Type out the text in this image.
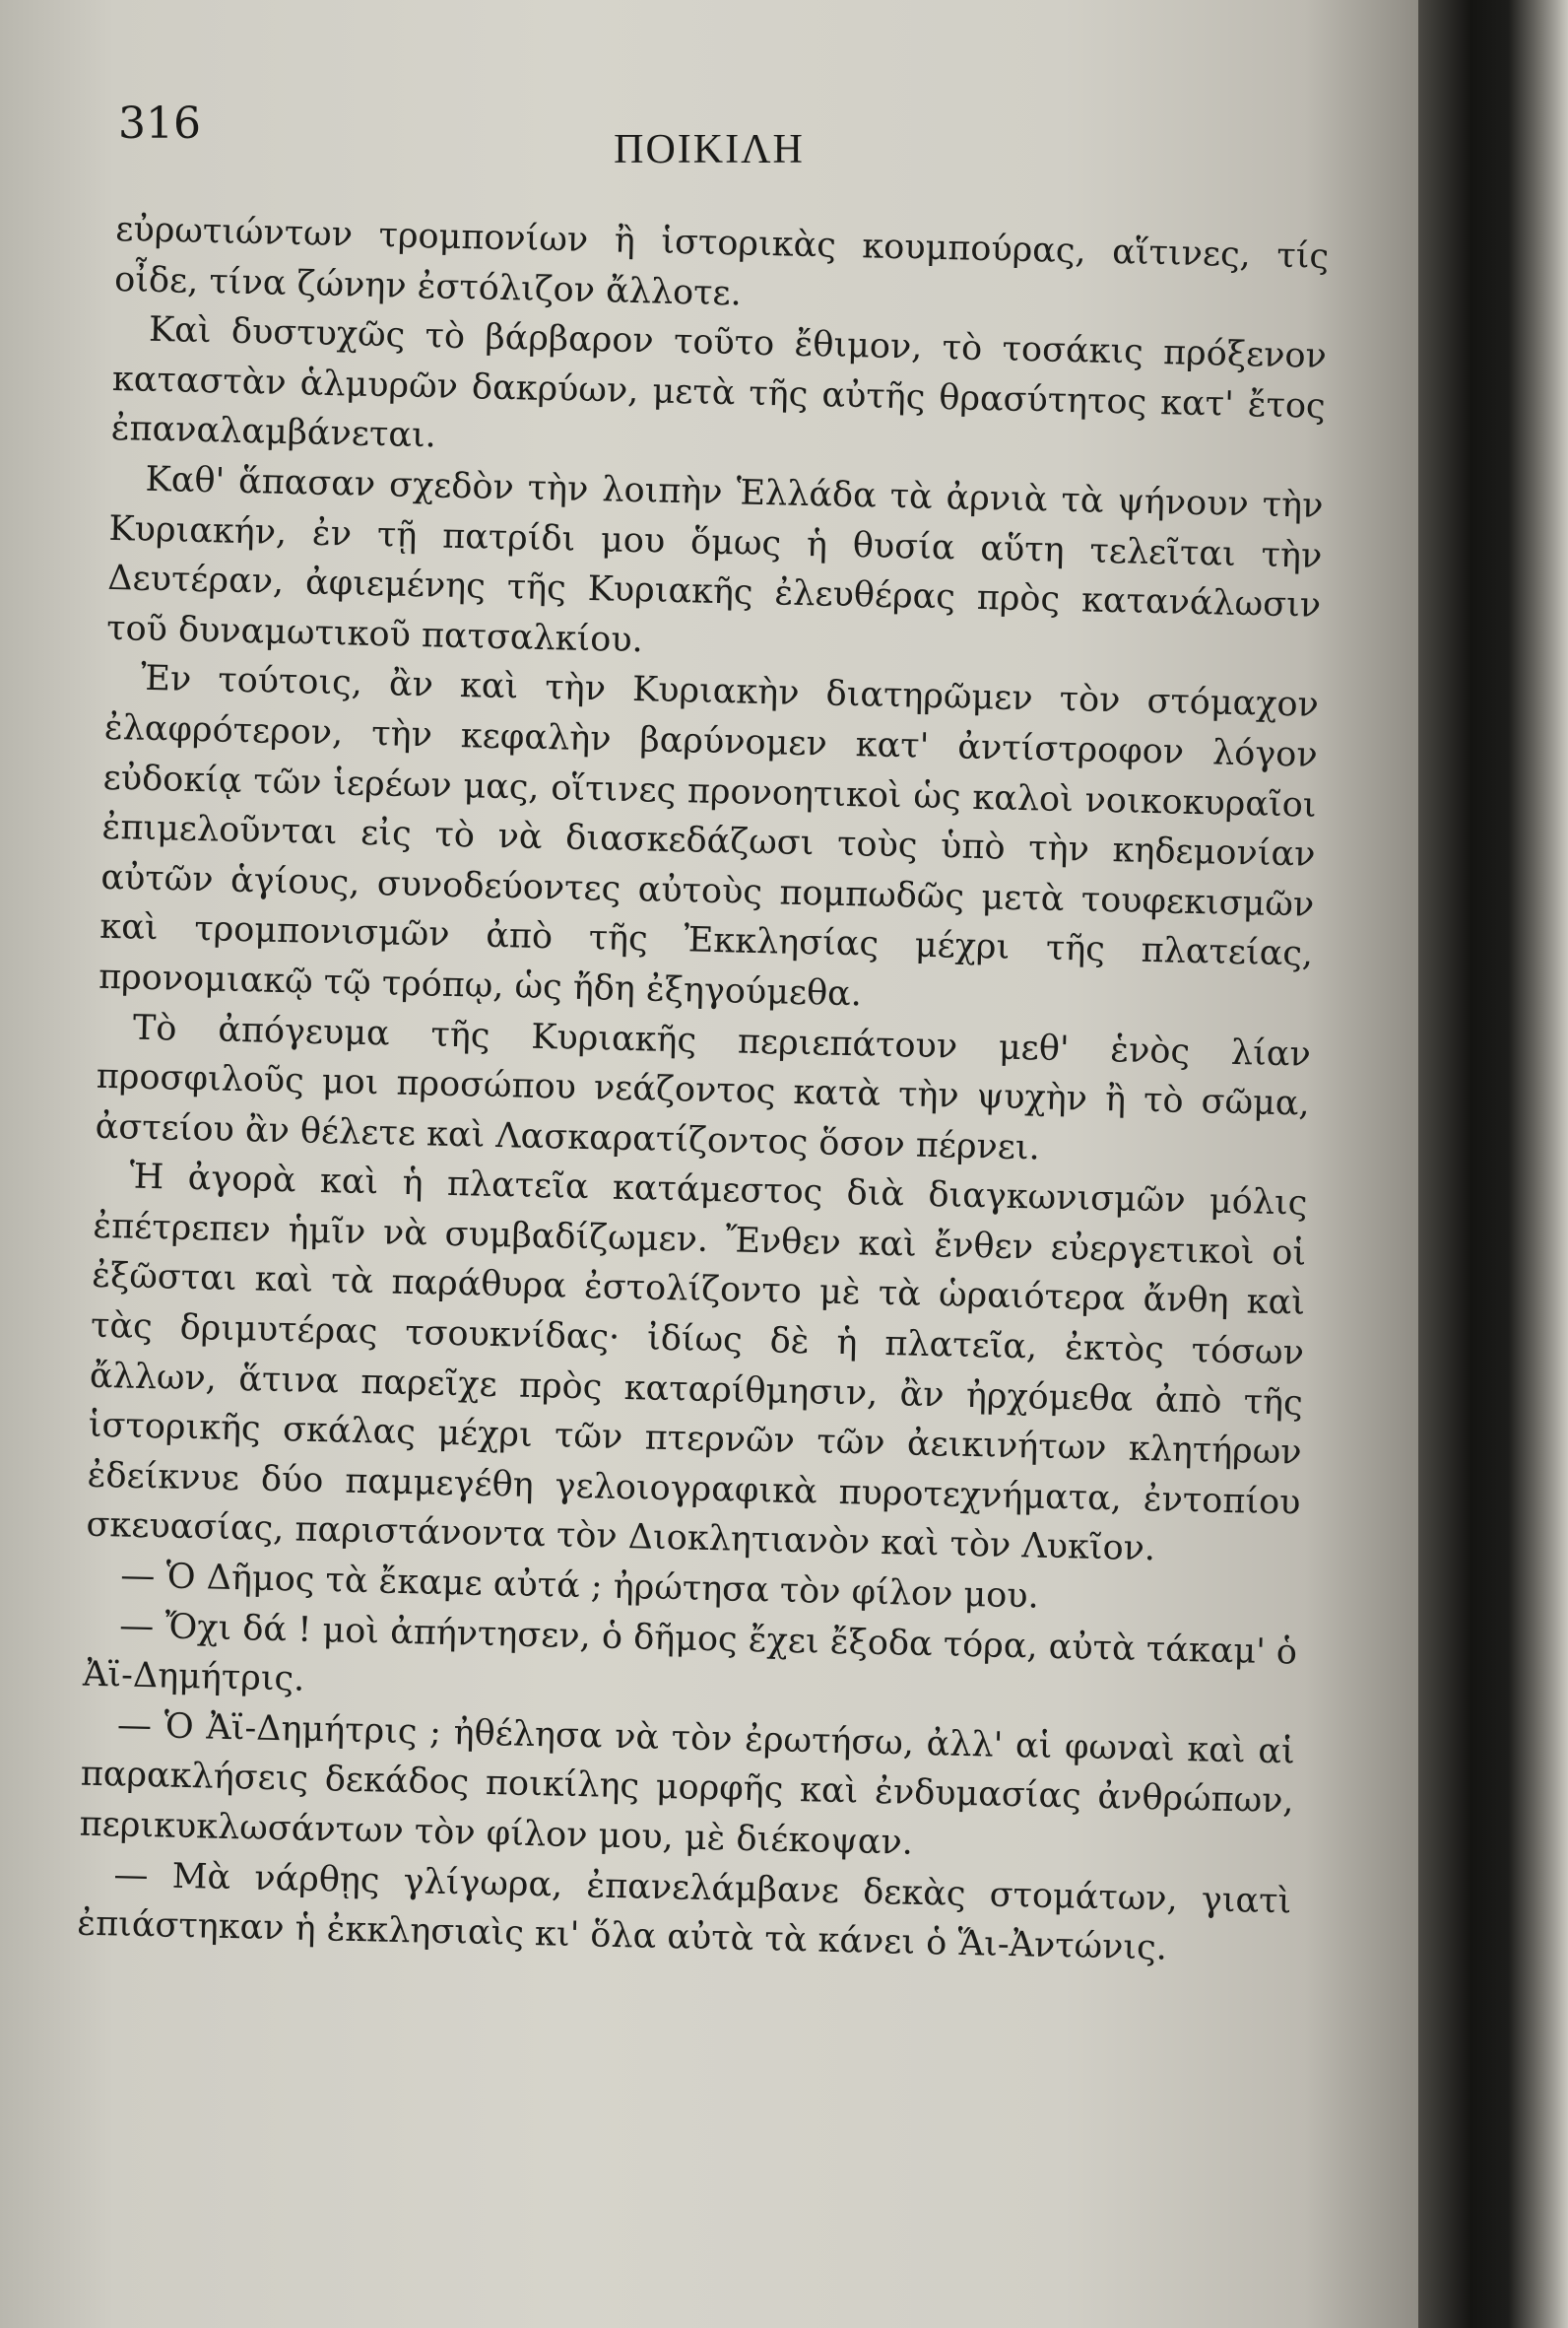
316
ΠΟΙΚΙΛΗ

εὐρωτιώντων τρομπονίων ἢ ἱστορικὰς κουμπούρας, αἵτινες, τίς οἶδε, τίνα ζώνην ἐστόλιζον ἄλλοτε.

Καὶ δυστυχῶς τὸ βάρβαρον τοῦτο ἔθιμον, τὸ τοσάκις πρόξενον καταστὰν ἁλμυρῶν δακρύων, μετὰ τῆς αὐτῆς θρασύτητος κατ' ἔτος ἐπαναλαμβάνεται.

Καθ' ἅπασαν σχεδὸν τὴν λοιπὴν Ἑλλάδα τὰ ἀρνιὰ τὰ ψήνουν τὴν Κυριακήν, ἐν τῇ πατρίδι μου ὅμως ἡ θυσία αὕτη τελεῖται τὴν Δευτέραν, ἀφιεμένης τῆς Κυριακῆς ἐλευθέρας πρὸς κατανάλωσιν τοῦ δυναμωτικοῦ πατσαλκίου.

Ἐν τούτοις, ἂν καὶ τὴν Κυριακὴν διατηρῶμεν τὸν στόμαχον ἐλαφρότερον, τὴν κεφαλὴν βαρύνομεν κατ' ἀντίστροφον λόγον εὐδοκίᾳ τῶν ἱερέων μας, οἵτινες προνοητικοὶ ὡς καλοὶ νοικοκυραῖοι ἐπιμελοῦνται εἰς τὸ νὰ διασκεδάζωσι τοὺς ὑπὸ τὴν κηδεμονίαν αὐτῶν ἁγίους, συνοδεύοντες αὐτοὺς πομπωδῶς μετὰ τουφεκισμῶν καὶ τρομπονισμῶν ἀπὸ τῆς Ἐκκλησίας μέχρι τῆς πλατείας, προνομιακῷ τῷ τρόπῳ, ὡς ἤδη ἐξηγούμεθα.

Τὸ ἀπόγευμα τῆς Κυριακῆς περιεπάτουν μεθ' ἑνὸς λίαν προσφιλοῦς μοι προσώπου νεάζοντος κατὰ τὴν ψυχὴν ἢ τὸ σῶμα, ἀστείου ἂν θέλετε καὶ Λασκαρατίζοντος ὅσον πέρνει.

Ἡ ἀγορὰ καὶ ἡ πλατεῖα κατάμεστος διὰ διαγκωνισμῶν μόλις ἐπέτρεπεν ἡμῖν νὰ συμβαδίζωμεν. Ἔνθεν καὶ ἔνθεν εὐεργετικοὶ οἱ ἐξῶσται καὶ τὰ παράθυρα ἐστολίζοντο μὲ τὰ ὡραιότερα ἄνθη καὶ τὰς δριμυτέρας τσουκνίδας· ἰδίως δὲ ἡ πλατεῖα, ἐκτὸς τόσων ἄλλων, ἅτινα παρεῖχε πρὸς καταρίθμησιν, ἂν ἠρχόμεθα ἀπὸ τῆς ἱστορικῆς σκάλας μέχρι τῶν πτερνῶν τῶν ἀεικινήτων κλητήρων ἐδείκνυε δύο παμμεγέθη γελοιογραφικὰ πυροτεχνήματα, ἐντοπίου σκευασίας, παριστάνοντα τὸν Διοκλητιανὸν καὶ τὸν Λυκῖον.

— Ὁ Δῆμος τὰ ἔκαμε αὐτά ; ἠρώτησα τὸν φίλον μου.

— Ὄχι δά ! μοὶ ἀπήντησεν, ὁ δῆμος ἔχει ἔξοδα τόρα, αὐτὰ τάκαμ' ὁ Ἀϊ-Δημήτρις.

— Ὁ Ἀϊ-Δημήτρις ; ἠθέλησα νὰ τὸν ἐρωτήσω, ἀλλ' αἱ φωναὶ καὶ αἱ παρακλήσεις δεκάδος ποικίλης μορφῆς καὶ ἐνδυμασίας ἀνθρώπων, περικυκλωσάντων τὸν φίλον μου, μὲ διέκοψαν.

— Μὰ νάρθῃς γλίγωρα, ἐπανελάμβανε δεκὰς στομάτων, γιατὶ ἐπιάστηκαν ἡ ἐκκλησιαὶς κι' ὅλα αὐτὰ τὰ κάνει ὁ Ἅι-Ἀντώνις.
